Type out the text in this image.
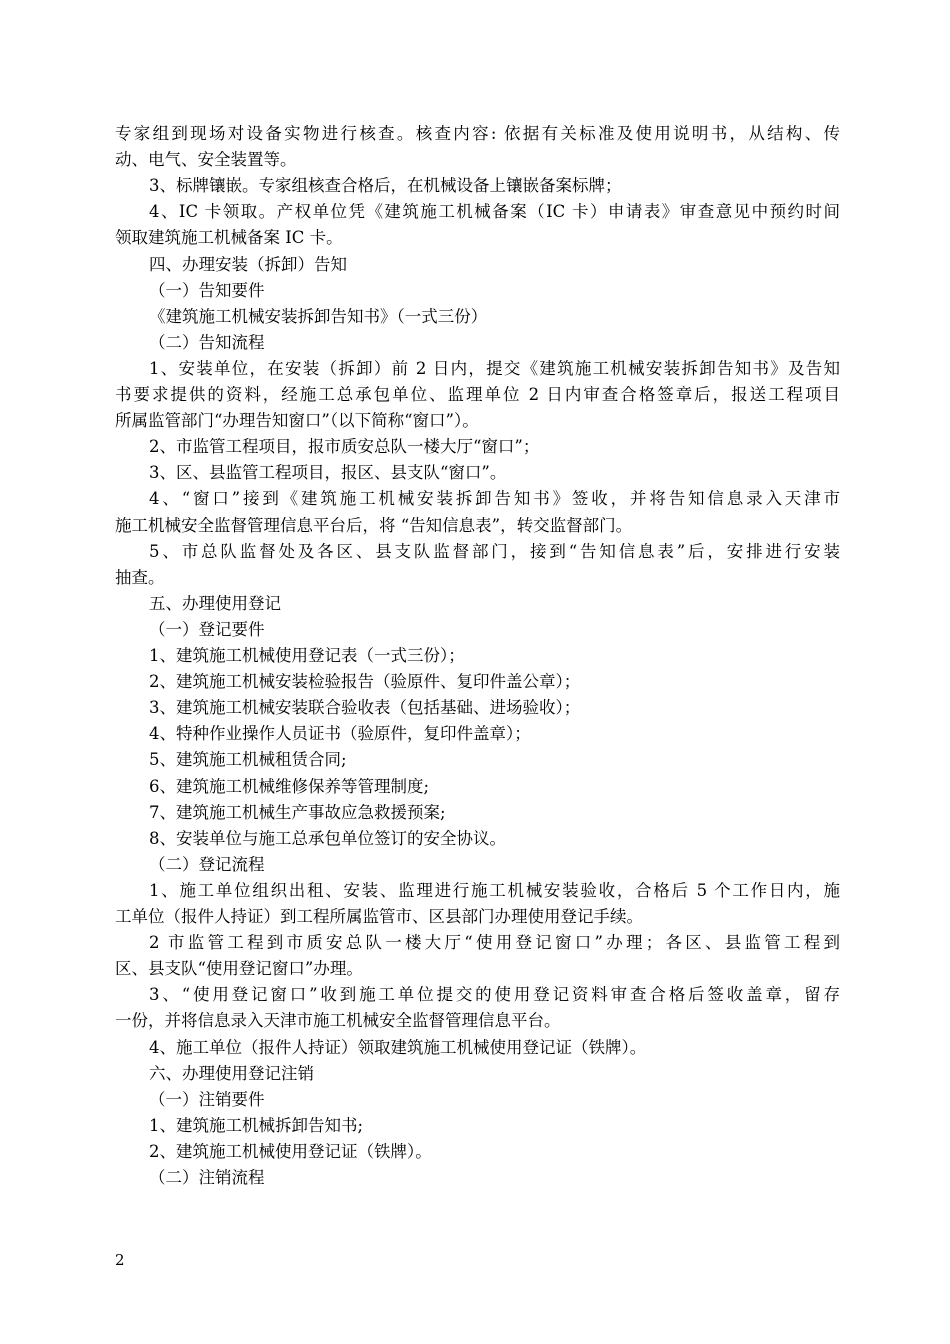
专家组到现场对设备实物进行核查。核查内容: 依据有关标准及使用说明书，从结构、传
动、电气、安全装置等。
3、标牌镶嵌。专家组核查合格后，在机械设备上镶嵌备案标牌；
4、IC 卡领取。产权单位凭《建筑施工机械备案（IC 卡）申请表》审查意见中预约时间
领取建筑施工机械备案 IC 卡。
四、办理安装（拆卸）告知
（一）告知要件
《建筑施工机械安装拆卸告知书》（一式三份）
（二）告知流程
1、安装单位，在安装（拆卸）前 2 日内，提交《建筑施工机械安装拆卸告知书》及告知
书要求提供的资料，经施工总承包单位、监理单位 2 日内审查合格签章后，报送工程项目
所属监管部门“办理告知窗口”（以下简称“窗口”）。
2、市监管工程项目，报市质安总队一楼大厅“窗口”；
3、区、县监管工程项目，报区、县支队“窗口”。
4、“窗口”接到《建筑施工机械安装拆卸告知书》签收，并将告知信息录入天津市
施工机械安全监督管理信息平台后，将 “告知信息表”，转交监督部门。
5、市总队监督处及各区、县支队监督部门，接到“告知信息表”后，安排进行安装
抽查。
五、办理使用登记
（一）登记要件
1、建筑施工机械使用登记表（一式三份）；
2、建筑施工机械安装检验报告（验原件、复印件盖公章）；
3、建筑施工机械安装联合验收表（包括基础、进场验收）；
4、特种作业操作人员证书（验原件，复印件盖章）；
5、建筑施工机械租赁合同;
6、建筑施工机械维修保养等管理制度;
7、建筑施工机械生产事故应急救援预案;
8、安装单位与施工总承包单位签订的安全协议。
（二）登记流程
1、施工单位组织出租、安装、监理进行施工机械安装验收，合格后 5 个工作日内，施
工单位（报件人持证）到工程所属监管市、区县部门办理使用登记手续。
2 市监管工程到市质安总队一楼大厅“使用登记窗口”办理；各区、县监管工程到
区、县支队“使用登记窗口”办理。
3、“使用登记窗口”收到施工单位提交的使用登记资料审查合格后签收盖章，留存
一份，并将信息录入天津市施工机械安全监督管理信息平台。
4、施工单位（报件人持证）领取建筑施工机械使用登记证（铁牌）。
六、办理使用登记注销
（一）注销要件
1、建筑施工机械拆卸告知书;
2、建筑施工机械使用登记证（铁牌）。
（二）注销流程
2
